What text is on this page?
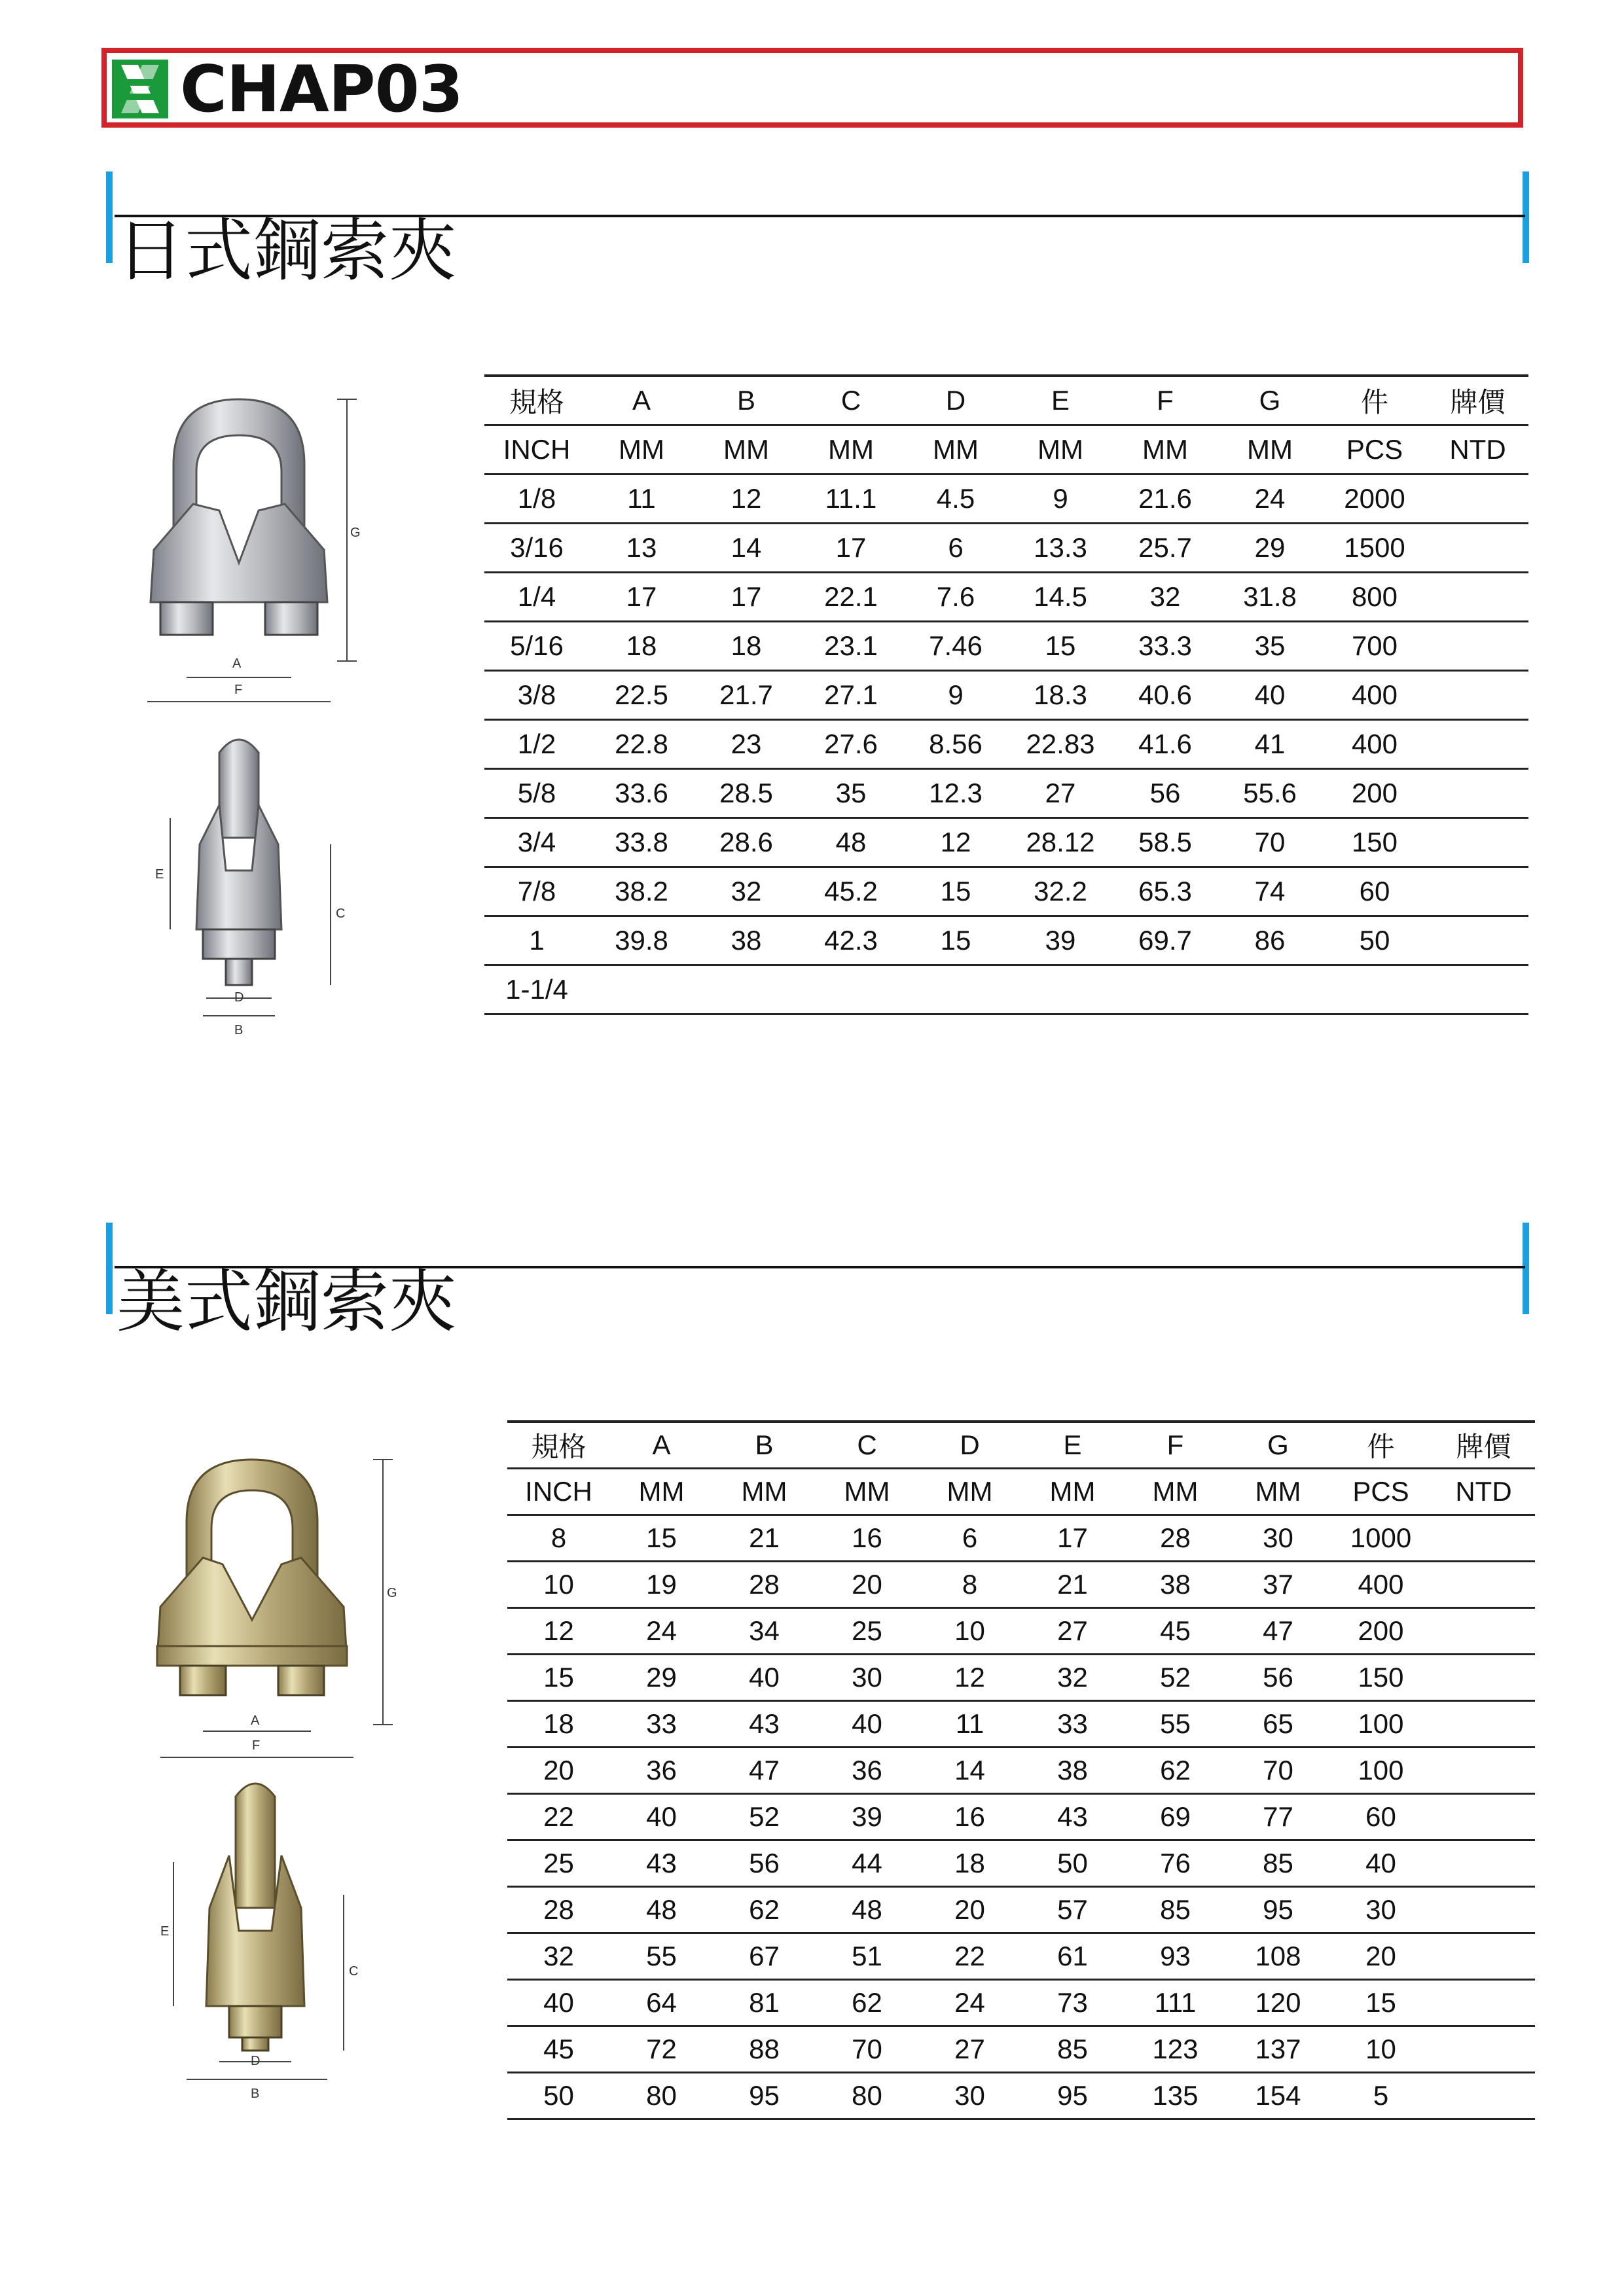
CHAP03
日式鋼索夾
G
A
F
E
C
D
B
規格	A	B	C	D	E	F	G	件	牌價
INCH	MM	MM	MM	MM	MM	MM	MM	PCS	NTD
1/8	11	12	11.1	4.5	9	21.6	24	2000	
3/16	13	14	17	6	13.3	25.7	29	1500	
1/4	17	17	22.1	7.6	14.5	32	31.8	800	
5/16	18	18	23.1	7.46	15	33.3	35	700	
3/8	22.5	21.7	27.1	9	18.3	40.6	40	400	
1/2	22.8	23	27.6	8.56	22.83	41.6	41	400	
5/8	33.6	28.5	35	12.3	27	56	55.6	200	
3/4	33.8	28.6	48	12	28.12	58.5	70	150	
7/8	38.2	32	45.2	15	32.2	65.3	74	60	
1	39.8	38	42.3	15	39	69.7	86	50	
1-1/4									
美式鋼索夾
G
A
F
E
C
D
B
規格	A	B	C	D	E	F	G	件	牌價
INCH	MM	MM	MM	MM	MM	MM	MM	PCS	NTD
8	15	21	16	6	17	28	30	1000	
10	19	28	20	8	21	38	37	400	
12	24	34	25	10	27	45	47	200	
15	29	40	30	12	32	52	56	150	
18	33	43	40	11	33	55	65	100	
20	36	47	36	14	38	62	70	100	
22	40	52	39	16	43	69	77	60	
25	43	56	44	18	50	76	85	40	
28	48	62	48	20	57	85	95	30	
32	55	67	51	22	61	93	108	20	
40	64	81	62	24	73	111	120	15	
45	72	88	70	27	85	123	137	10	
50	80	95	80	30	95	135	154	5	
